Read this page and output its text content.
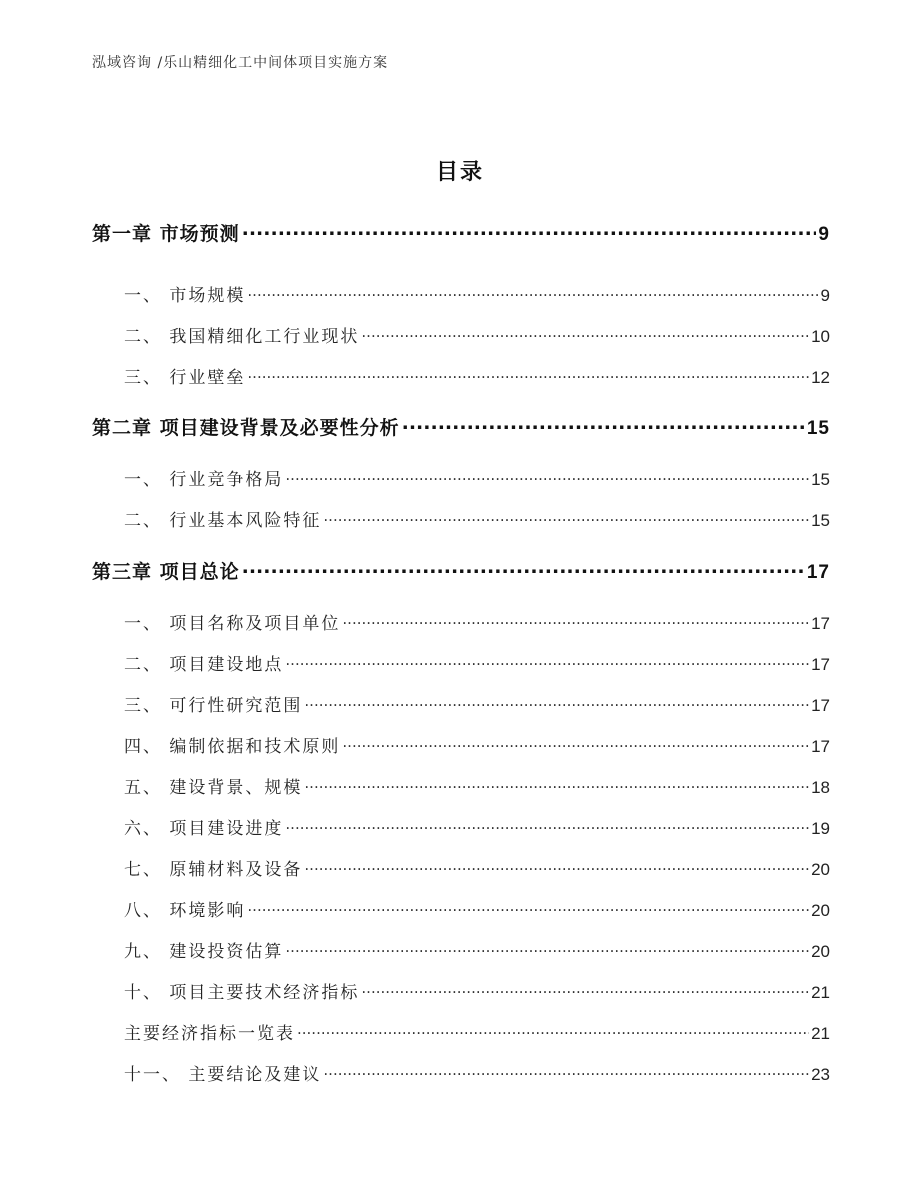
泓域咨询 /乐山精细化工中间体项目实施方案
目录
第一章 市场预测 .....	9
一、 市场规模 .....	9
二、 我国精细化工行业现状 .....	10
三、 行业壁垒 .....	12
第二章 项目建设背景及必要性分析 .....	15
一、 行业竞争格局 .....	15
二、 行业基本风险特征 .....	15
第三章 项目总论 .....	17
一、 项目名称及项目单位 .....	17
二、 项目建设地点 .....	17
三、 可行性研究范围 .....	17
四、 编制依据和技术原则 .....	17
五、 建设背景、规模 .....	18
六、 项目建设进度 .....	19
七、 原辅材料及设备 .....	20
八、 环境影响 .....	20
九、 建设投资估算 .....	20
十、 项目主要技术经济指标 .....	21
主要经济指标一览表 .....	21
十一、 主要结论及建议 .....	23
